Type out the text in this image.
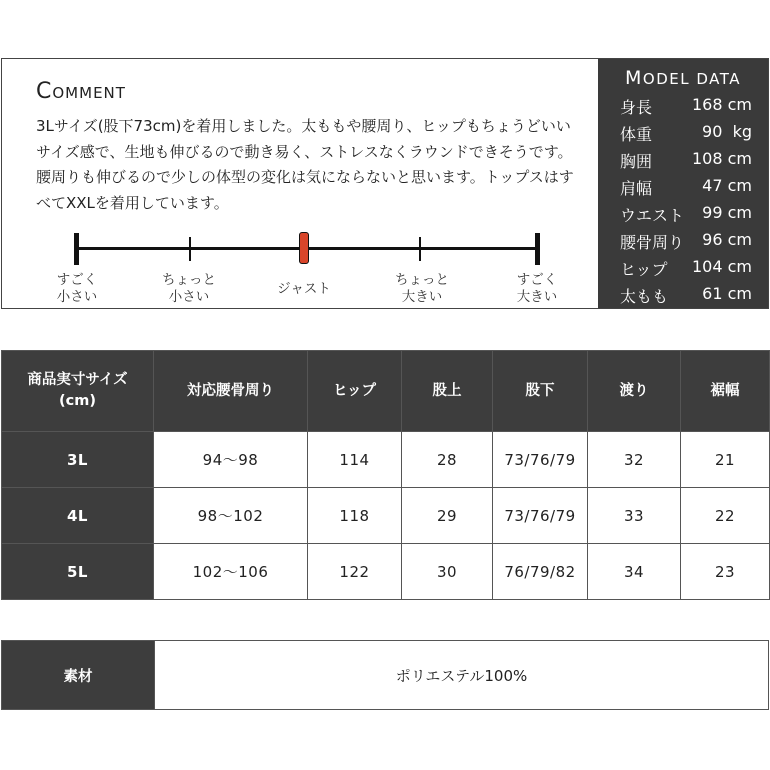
COMMENT

3Lサイズ(股下73cm)を着用しました。太ももや腰周り、ヒップもちょうどいいサイズ感で、生地も伸びるので動き易く、ストレスなくラウンドできそうです。腰周りも伸びるので少しの体型の変化は気にならないと思います。トップスはすべてXXLを着用しています。

すごく
小さい
ちょっと
小さい	ジャスト
ちょっと
大きい
すごく
大きい
MODEL DATA
身長 168 cm
体重	90  kg
胸囲 108 cm
肩幅	47 cm
ウエスト 99 cm
腰骨周り 96 cm
ヒップ 104 cm
太もも 61 cm
商品実寸サイズ
(cm)	対応腰骨周り	ヒップ	股上	股下	渡り	裾幅
3L	94〜98	114	28	73/76/79	32	21
4L	98〜102	118	29	73/76/79	33	22
5L	102〜106	122	30	76/79/82	34	23
素材	ポリエステル100%
